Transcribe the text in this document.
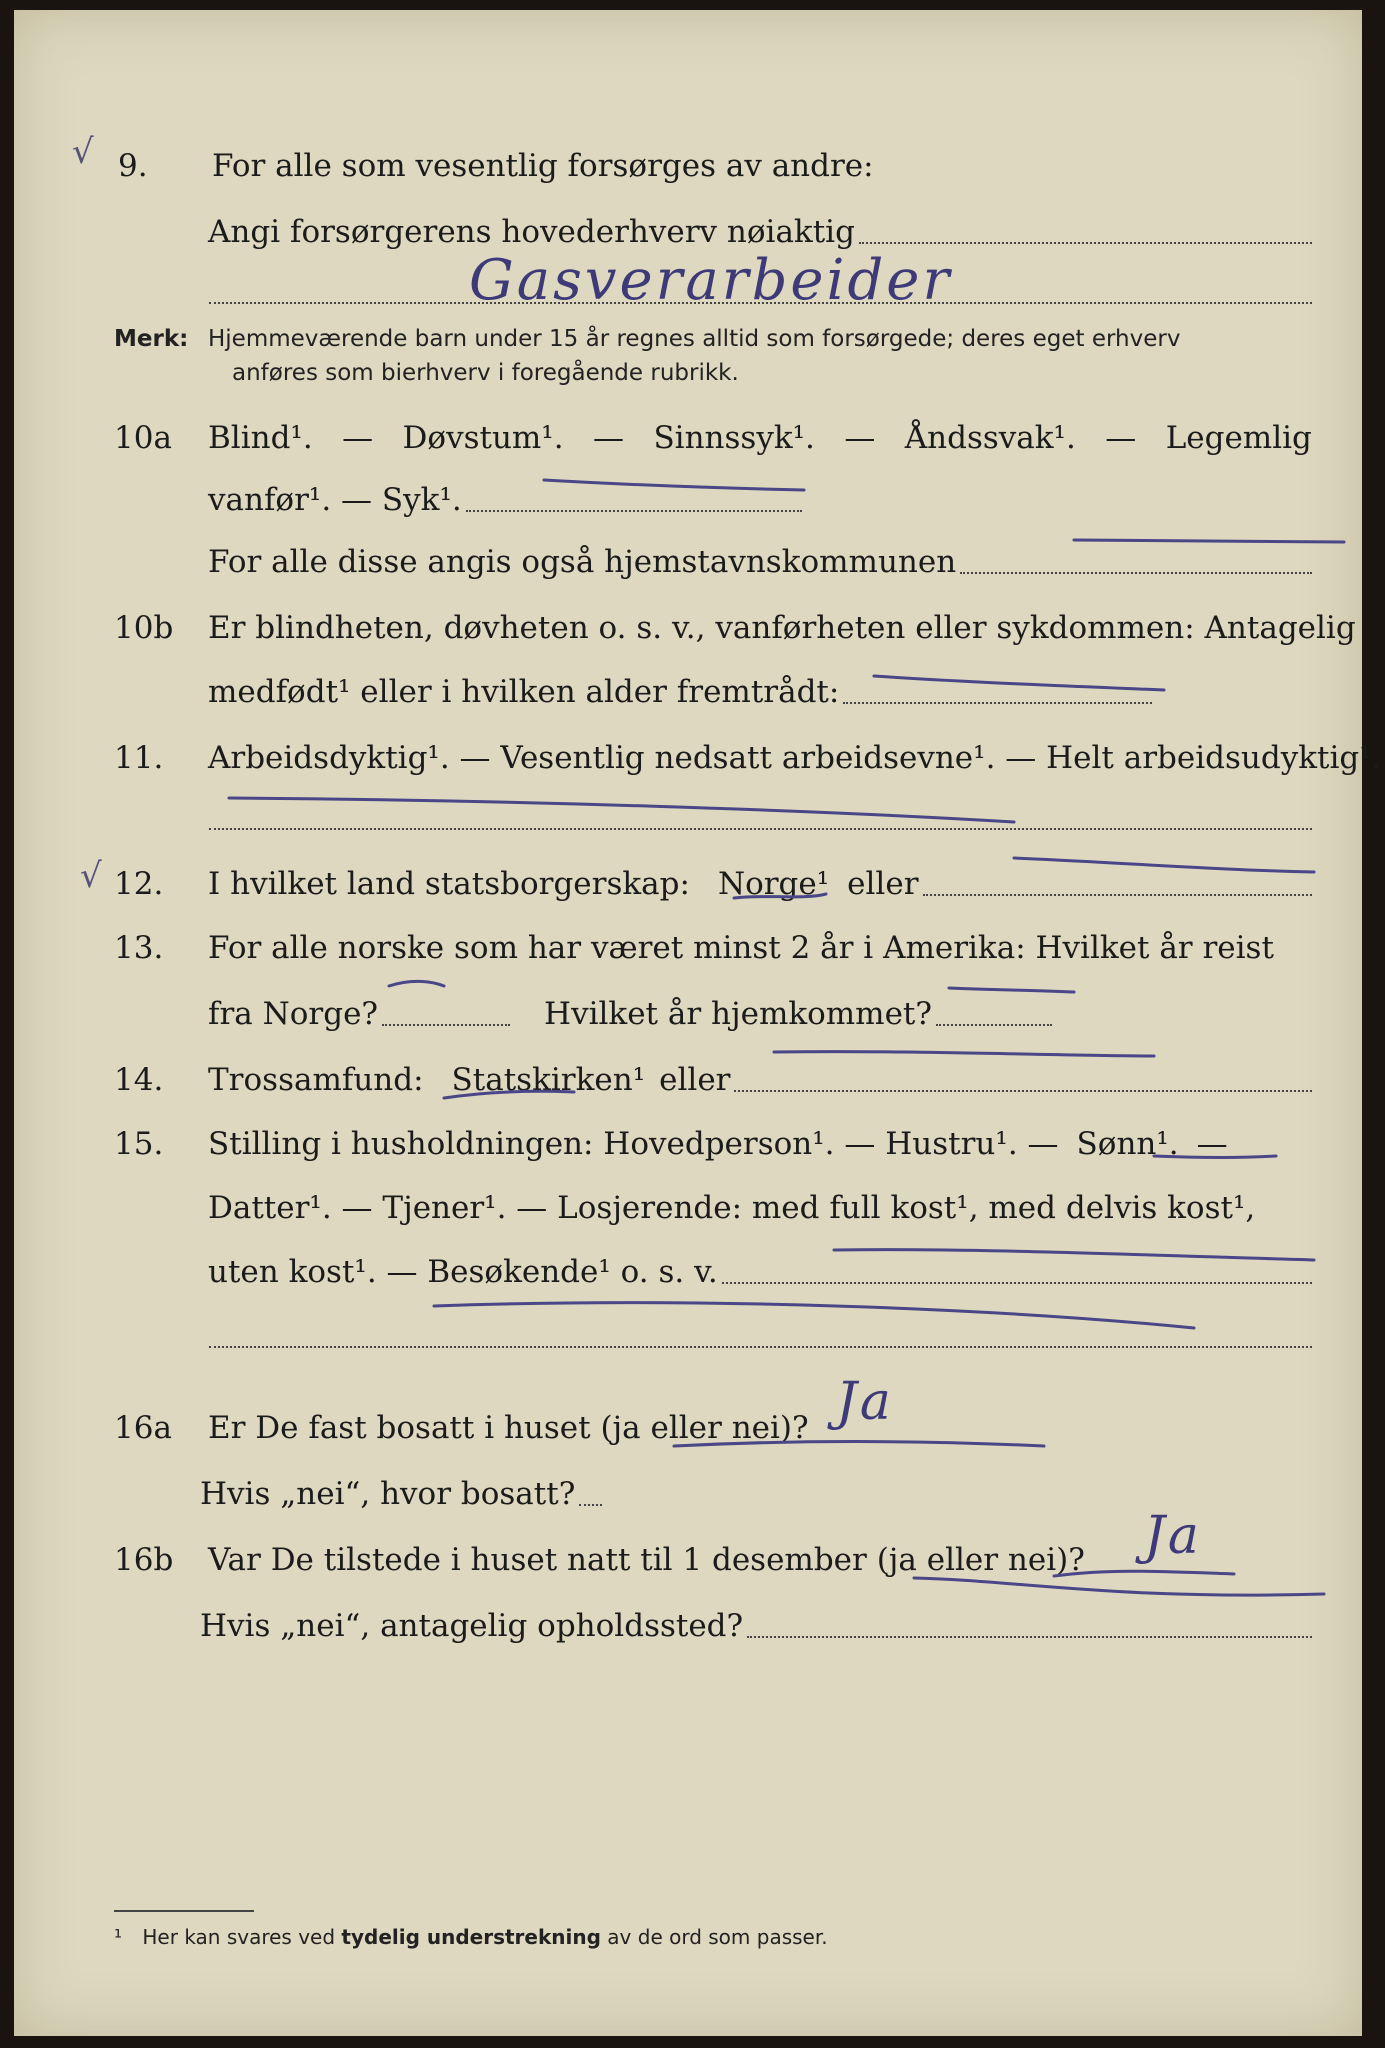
√
√
9.	For alle som vesentlig forsørges av andre:
Angi forsørgerens hovederhverv nøiaktig
Gasverarbeider
Merk: Hjemmeværende barn under 15 år regnes alltid som forsørgede; deres eget erhverv
anføres som bierhverv i foregående rubrikk.
10a	Blind¹. — Døvstum¹. — Sinnssyk¹. — Åndssvak¹. — Legemlig
vanfør¹. — Syk¹.
For alle disse angis også hjemstavnskommunen
10b	Er blindheten, døvheten o. s. v., vanførheten eller sykdommen: Antagelig
medfødt¹ eller i hvilken alder fremtrådt:
11.	Arbeidsdyktig¹. — Vesentlig nedsatt arbeidsevne¹. — Helt arbeidsudyktig¹.
12.	I hvilket land statsborgerskap: Norge¹ eller
13.	For alle norske som har været minst 2 år i Amerika: Hvilket år reist
fra Norge?	Hvilket år hjemkommet?
14.	Trossamfund: Statskirken¹ eller
15.	Stilling i husholdningen: Hovedperson¹. — Hustru¹. — Sønn¹. —
Datter¹. — Tjener¹. — Losjerende: med full kost¹, med delvis kost¹,
uten kost¹. — Besøkende¹ o. s. v.
16a	Er De fast bosatt i huset (ja eller nei)? Ja
Hvis „nei“, hvor bosatt?
16b	Var De tilstede i huset natt til 1 desember (ja eller nei)? Ja
Hvis „nei“, antagelig opholdssted?
¹ Her kan svares ved tydelig understrekning av de ord som passer.
